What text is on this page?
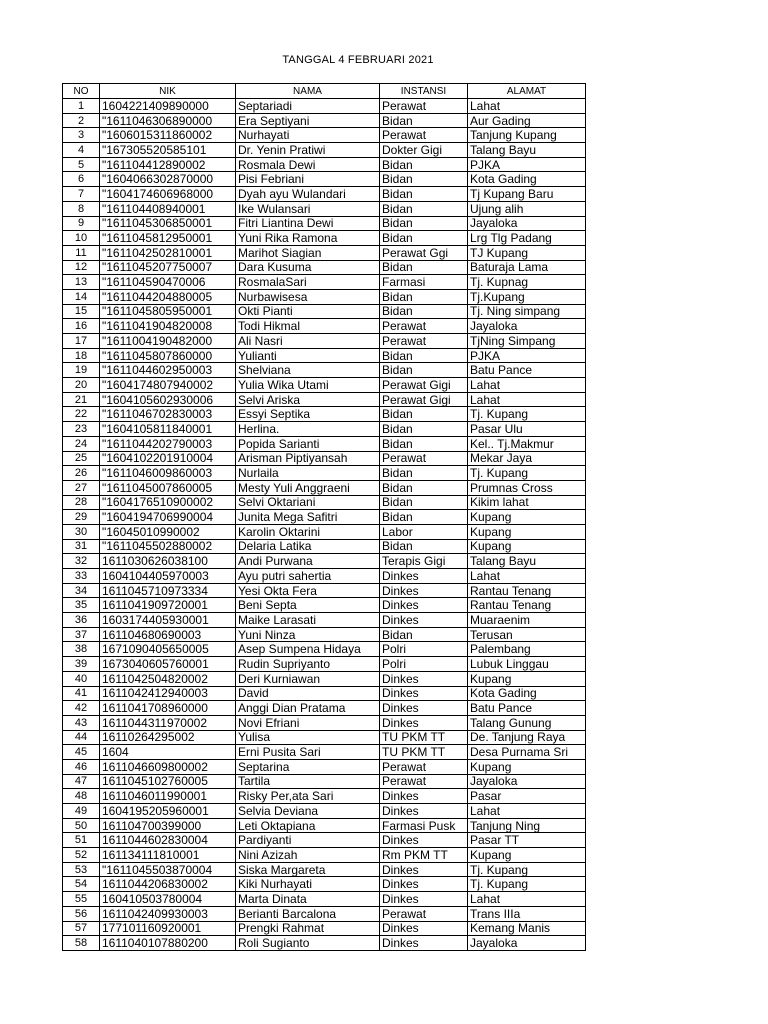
TANGGAL 4 FEBRUARI 2021
NO	NIK	NAMA	INSTANSI	ALAMAT
1	1604221409890000	Septariadi	Perawat	Lahat
2	"1611046306890000	Era Septiyani	Bidan	Aur Gading
3	"1606015311860002	Nurhayati	Perawat	Tanjung Kupang
4	"167305520585101	Dr. Yenin Pratiwi	Dokter Gigi	Talang Bayu
5	"161104412890002	Rosmala Dewi	Bidan	PJKA
6	"1604066302870000	Pisi Febriani	Bidan	Kota Gading
7	"1604174606968000	Dyah ayu Wulandari	Bidan	Tj Kupang Baru
8	"161104408940001	Ike Wulansari	Bidan	Ujung alih
9	"1611045306850001	Fitri Liantina Dewi	Bidan	Jayaloka
10	"1611045812950001	Yuni Rika Ramona	Bidan	Lrg Tlg Padang
11	"1611042502810001	Marihot Siagian	Perawat Ggi	TJ Kupang
12	"1611045207750007	Dara Kusuma	Bidan	Baturaja Lama
13	"161104590470006	RosmalaSari	Farmasi	Tj. Kupnag
14	"1611044204880005	Nurbawisesa	Bidan	Tj.Kupang
15	"1611045805950001	Okti Pianti	Bidan	Tj. Ning simpang
16	"1611041904820008	Todi Hikmal	Perawat	Jayaloka
17	"1611004190482000	Ali Nasri	Perawat	TjNing Simpang
18	"1611045807860000	Yulianti	Bidan	PJKA
19	"1611044602950003	Shelviana	Bidan	Batu Pance
20	"1604174807940002	Yulia Wika Utami	Perawat Gigi	Lahat
21	"1604105602930006	Selvi Ariska	Perawat Gigi	Lahat
22	"1611046702830003	Essyi Septika	Bidan	Tj. Kupang
23	"1604105811840001	Herlina.	Bidan	Pasar Ulu
24	"1611044202790003	Popida Sarianti	Bidan	Kel.. Tj.Makmur
25	"1604102201910004	Arisman Piptiyansah	Perawat	Mekar Jaya
26	"1611046009860003	Nurlaila	Bidan	Tj. Kupang
27	"1611045007860005	Mesty Yuli Anggraeni	Bidan	Prumnas Cross
28	"1604176510900002	Selvi Oktariani	Bidan	Kikim lahat
29	"1604194706990004	Junita Mega Safitri	Bidan	Kupang
30	"16045010990002	Karolin Oktarini	Labor	Kupang
31	"1611045502880002	Delaria Latika	Bidan	Kupang
32	1611030626038100	Andi Purwana	Terapis Gigi	Talang Bayu
33	1604104405970003	Ayu putri sahertia	Dinkes	Lahat
34	1611045710973334	Yesi Okta Fera	Dinkes	Rantau Tenang
35	1611041909720001	Beni Septa	Dinkes	Rantau Tenang
36	1603174405930001	Maike Larasati	Dinkes	Muaraenim
37	161104680690003	Yuni Ninza	Bidan	Terusan
38	1671090405650005	Asep Sumpena Hidaya	Polri	Palembang
39	1673040605760001	Rudin Supriyanto	Polri	Lubuk Linggau
40	1611042504820002	Deri Kurniawan	Dinkes	Kupang
41	1611042412940003	David	Dinkes	Kota Gading
42	1611041708960000	Anggi Dian Pratama	Dinkes	Batu Pance
43	1611044311970002	Novi Efriani	Dinkes	Talang Gunung
44	16110264295002	Yulisa	TU PKM TT	De. Tanjung Raya
45	1604	Erni Pusita Sari	TU PKM TT	Desa Purnama Sri
46	1611046609800002	Septarina	Perawat	Kupang
47	1611045102760005	Tartila	Perawat	Jayaloka
48	1611046011990001	Risky Per,ata Sari	Dinkes	Pasar
49	1604195205960001	Selvia Deviana	Dinkes	Lahat
50	161104700399000	Leti Oktapiana	Farmasi Pusk	Tanjung Ning
51	1611044602830004	Pardiyanti	Dinkes	Pasar TT
52	161134111810001	Nini Azizah	Rm PKM TT	Kupang
53	"1611045503870004	Siska Margareta	Dinkes	Tj. Kupang
54	1611044206830002	Kiki Nurhayati	Dinkes	Tj. Kupang
55	160410503780004	Marta Dinata	Dinkes	Lahat
56	1611042409930003	Berianti Barcalona	Perawat	Trans IIIa
57	177101160920001	Prengki Rahmat	Dinkes	Kemang Manis
58	1611040107880200	Roli Sugianto	Dinkes	Jayaloka
